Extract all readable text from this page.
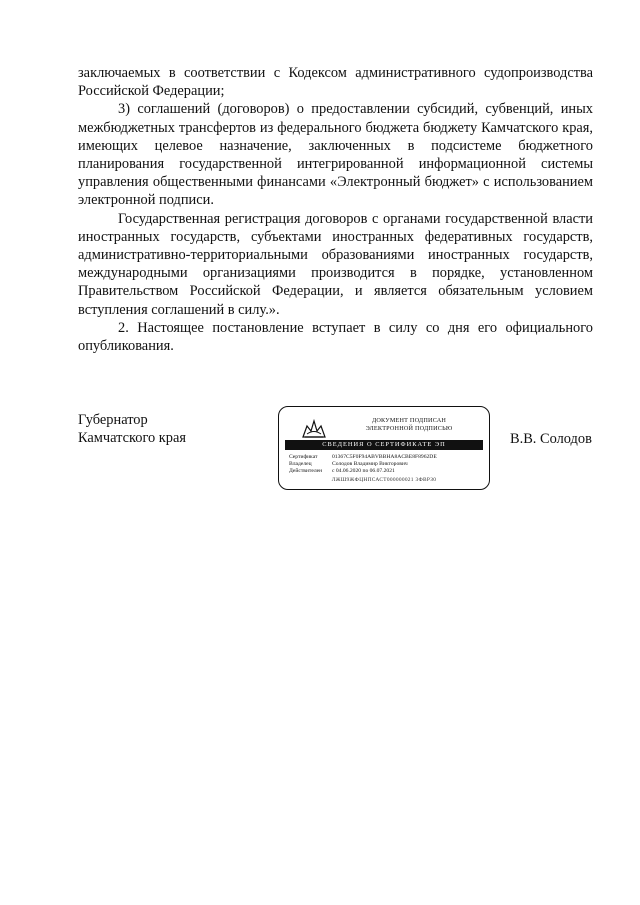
заключаемых в соответствии с Кодексом административного судопроизводства Российской Федерации;

3) соглашений (договоров) о предоставлении субсидий, субвенций, иных межбюджетных трансфертов из федерального бюджета бюджету Камчатского края, имеющих целевое назначение, заключенных в подсистеме бюджетного планирования государственной интегрированной информационной системы управления общественными финансами «Электронный бюджет» с использованием электронной подписи.

Государственная регистрация договоров с органами государственной власти иностранных государств, субъектами иностранных федеративных государств, административно-территориальными образованиями иностранных государств, международными организациями производится в порядке, установленном Правительством Российской Федерации, и является обязательным условием вступления соглашений в силу.».

2. Настоящее постановление вступает в силу со дня его официального опубликования.

Губернатор
Камчатского края
ДОКУМЕНТ ПОДПИСАН
ЭЛЕКТРОННОЙ ПОДПИСЬЮ
СВЕДЕНИЯ О СЕРТИФИКАТЕ ЭП
Сертификат	01367C5F0F94ABVBBHA8ACBE8F8962DE
Владелец	Солодов Владимир Викторович
Действителен	с 04.06.2020 по 06.07.2021
ЛЖШ9ЖФЦНПСАСТ000000021 3ФВРЗ0
В.В. Солодов
